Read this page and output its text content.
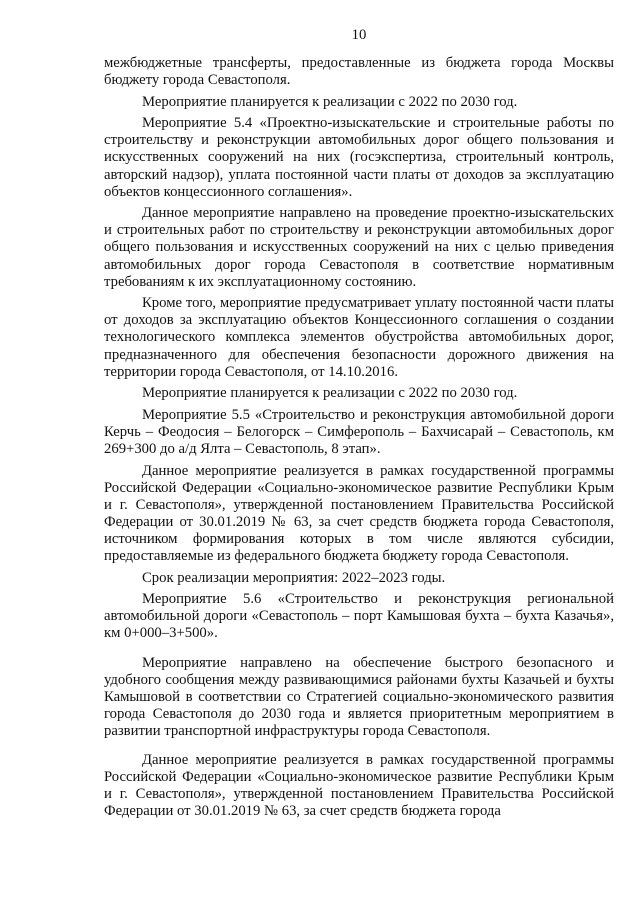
10

межбюджетные трансферты, предоставленные из бюджета города Москвы бюджету города Севастополя.

Мероприятие планируется к реализации с 2022 по 2030 год.

Мероприятие 5.4 «Проектно-изыскательские и строительные работы по строительству и реконструкции автомобильных дорог общего пользования и искусственных сооружений на них (госэкспертиза, строительный контроль, авторский надзор), уплата постоянной части платы от доходов за эксплуатацию объектов концессионного соглашения».

Данное мероприятие направлено на проведение проектно-изыскательских и строительных работ по строительству и реконструкции автомобильных дорог общего пользования и искусственных сооружений на них с целью приведения автомобильных дорог города Севастополя в соответствие нормативным требованиям к их эксплуатационному состоянию.

Кроме того, мероприятие предусматривает уплату постоянной части платы от доходов за эксплуатацию объектов Концессионного соглашения о создании технологического комплекса элементов обустройства автомобильных дорог, предназначенного для обеспечения безопасности дорожного движения на территории города Севастополя, от 14.10.2016.

Мероприятие планируется к реализации с 2022 по 2030 год.

Мероприятие 5.5 «Строительство и реконструкция автомобильной дороги Керчь – Феодосия – Белогорск – Симферополь – Бахчисарай – Севастополь, км 269+300 до а/д Ялта – Севастополь, 8 этап».

Данное мероприятие реализуется в рамках государственной программы Российской Федерации «Социально-экономическое развитие Республики Крым и г. Севастополя», утвержденной постановлением Правительства Российской Федерации от 30.01.2019 № 63, за счет средств бюджета города Севастополя, источником формирования которых в том числе являются субсидии, предоставляемые из федерального бюджета бюджету города Севастополя.

Срок реализации мероприятия: 2022–2023 годы.

Мероприятие 5.6 «Строительство и реконструкция региональной автомобильной дороги «Севастополь – порт Камышовая бухта – бухта Казачья», км 0+000–3+500».

Мероприятие направлено на обеспечение быстрого безопасного и удобного сообщения между развивающимися районами бухты Казачьей и бухты Камышовой в соответствии со Стратегией социально-экономического развития города Севастополя до 2030 года и является приоритетным мероприятием в развитии транспортной инфраструктуры города Севастополя.

Данное мероприятие реализуется в рамках государственной программы Российской Федерации «Социально-экономическое развитие Республики Крым и г. Севастополя», утвержденной постановлением Правительства Российской Федерации от 30.01.2019 № 63, за счет средств бюджета города
